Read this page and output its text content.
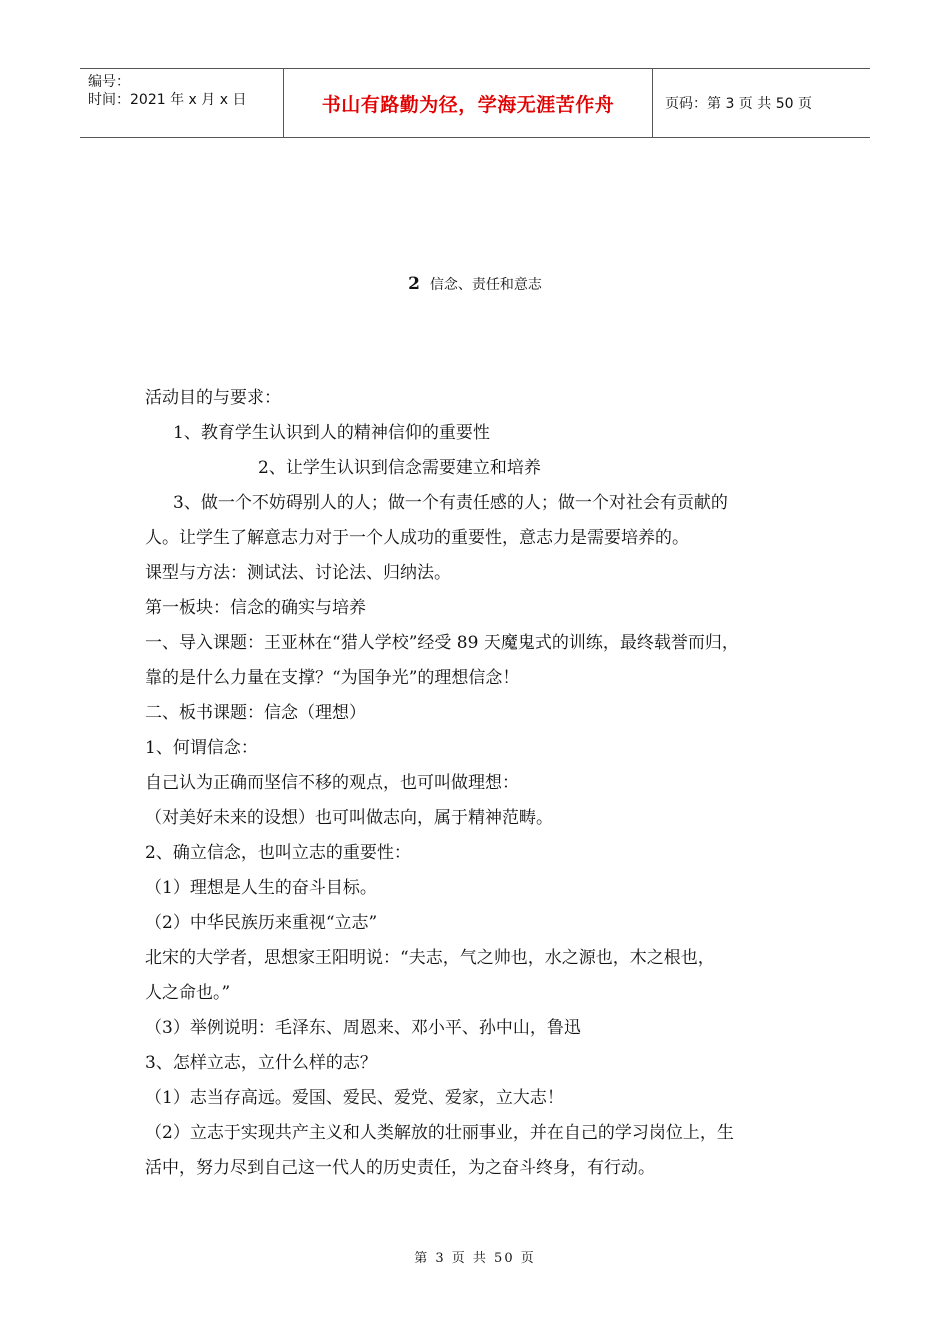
编号：
时间：2021 年 x 月 x 日	书山有路勤为径，学海无涯苦作舟	页码：第 3 页 共 50 页
2 信念、责任和意志
活动目的与要求：
1、教育学生认识到人的精神信仰的重要性
2、让学生认识到信念需要建立和培养
3、做一个不妨碍别人的人；做一个有责任感的人；做一个对社会有贡献的
人。让学生了解意志力对于一个人成功的重要性，意志力是需要培养的。
课型与方法：测试法、讨论法、归纳法。
第一板块：信念的确实与培养
一、导入课题：王亚林在“猎人学校”经受 89 天魔鬼式的训练，最终载誉而归，
靠的是什么力量在支撑？“为国争光”的理想信念！
二、板书课题：信念（理想）
1、何谓信念：
自己认为正确而坚信不移的观点，也可叫做理想：
（对美好未来的设想）也可叫做志向，属于精神范畴。
2、确立信念，也叫立志的重要性：
（1）理想是人生的奋斗目标。
（2）中华民族历来重视“立志”
北宋的大学者，思想家王阳明说：“夫志，气之帅也，水之源也，木之根也，
人之命也。”
（3）举例说明：毛泽东、周恩来、邓小平、孙中山，鲁迅
3、怎样立志，立什么样的志？
（1）志当存高远。爱国、爱民、爱党、爱家，立大志！
（2）立志于实现共产主义和人类解放的壮丽事业，并在自己的学习岗位上，生
活中，努力尽到自己这一代人的历史责任，为之奋斗终身，有行动。
第 3 页 共 50 页
